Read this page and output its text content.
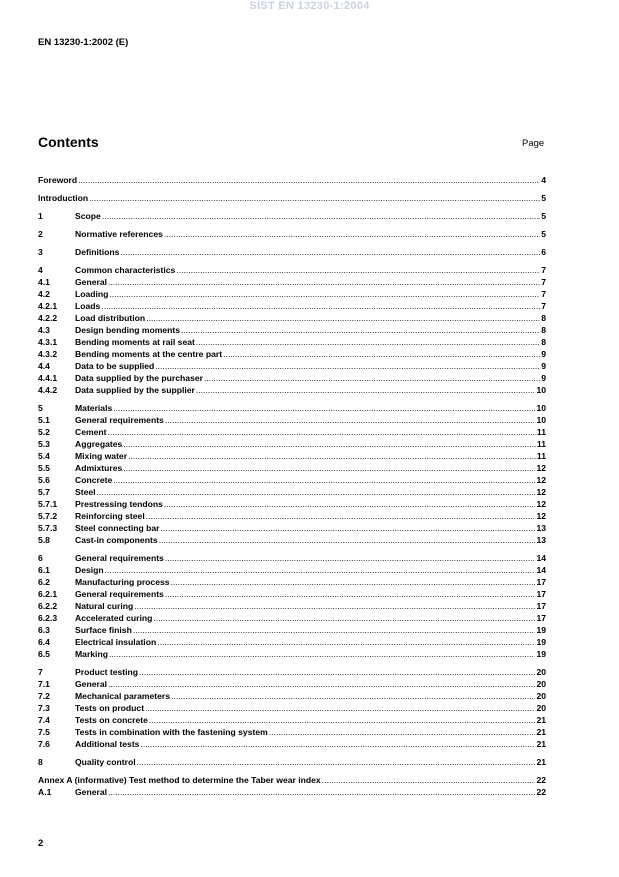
SIST EN 13230-1:2004
EN 13230-1:2002 (E)
Contents	Page
Foreword .....	4
Introduction .....	5
1	Scope .....	5
2	Normative references .....	5
3	Definitions .....	6
4	Common characteristics .....	7
4.1	General .....	7
4.2	Loading .....	7
4.2.1	Loads .....	7
4.2.2	Load distribution .....	8
4.3	Design bending moments .....	8
4.3.1	Bending moments at rail seat .....	8
4.3.2	Bending moments at the centre part .....	9
4.4	Data to be supplied .....	9
4.4.1	Data supplied by the purchaser .....	9
4.4.2	Data supplied by the supplier .....	10
5	Materials .....	10
5.1	General requirements .....	10
5.2	Cement .....	11
5.3	Aggregates .....	11
5.4	Mixing water .....	11
5.5	Admixtures .....	12
5.6	Concrete .....	12
5.7	Steel .....	12
5.7.1	Prestressing tendons .....	12
5.7.2	Reinforcing steel .....	12
5.7.3	Steel connecting bar .....	13
5.8	Cast-in components .....	13
6	General requirements .....	14
6.1	Design .....	14
6.2	Manufacturing process .....	17
6.2.1	General requirements .....	17
6.2.2	Natural curing .....	17
6.2.3	Accelerated curing .....	17
6.3	Surface finish .....	19
6.4	Electrical insulation .....	19
6.5	Marking .....	19
7	Product testing .....	20
7.1	General .....	20
7.2	Mechanical parameters .....	20
7.3	Tests on product .....	20
7.4	Tests on concrete .....	21
7.5	Tests in combination with the fastening system .....	21
7.6	Additional tests .....	21
8	Quality control .....	21
Annex A (informative) Test method to determine the Taber wear index .....	22
A.1	General .....	22
2
